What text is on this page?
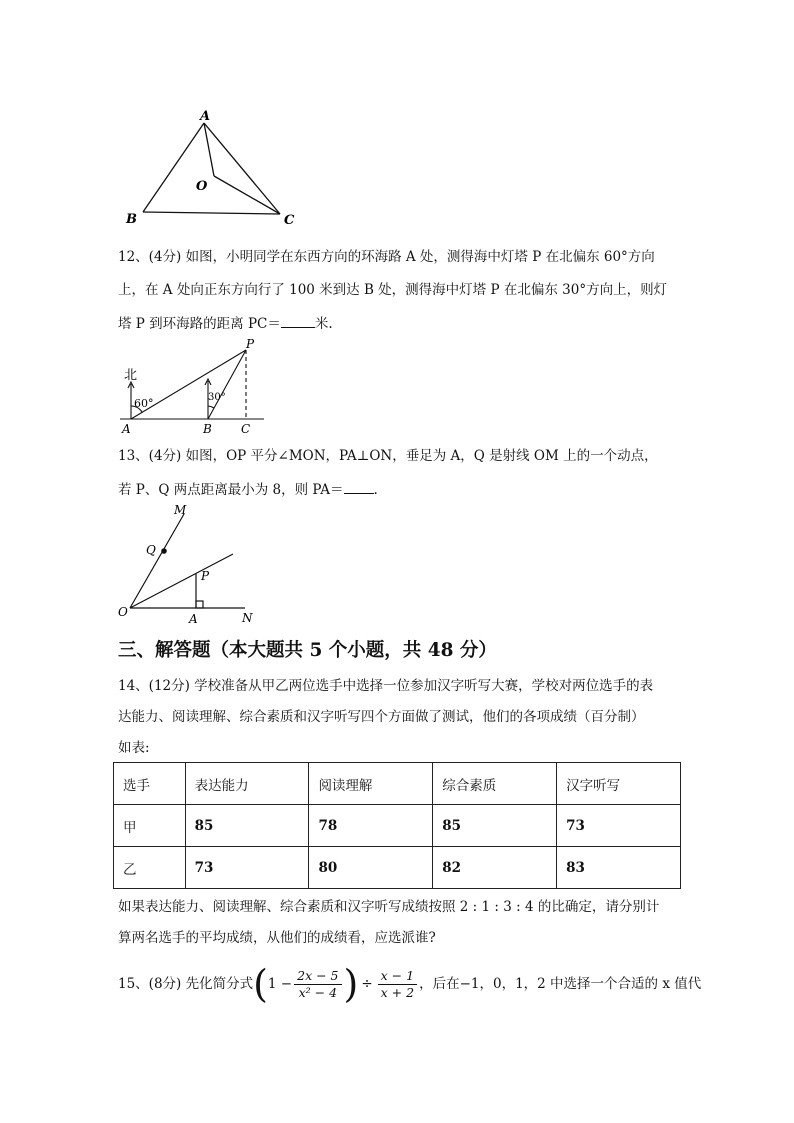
A
O
B	C

12、(4分) 如图，小明同学在东西方向的环海路 A 处，测得海中灯塔 P 在北偏东 60°方向

上，在 A 处向正东方向行了 100 米到达 B 处，测得海中灯塔 P 在北偏东 30°方向上，则灯

塔 P 到环海路的距离 PC＝	米.

北
60°	30°
A	B C
P

13、(4分) 如图，OP 平分∠MON，PA⊥ON，垂足为 A，Q 是射线 OM 上的一个动点，

若 P、Q 两点距离最小为 8，则 PA＝ .

M
Q
P
O	A	N
三、解答题（本大题共 5 个小题，共 48 分）

14、(12分) 学校准备从甲乙两位选手中选择一位参加汉字听写大赛，学校对两位选手的表

达能力、阅读理解、综合素质和汉字听写四个方面做了测试，他们的各项成绩（百分制）

如表:

选手	表达能力	阅读理解	综合素质	汉字听写
甲	85	78	85	73
乙	73	80	82	83

如果表达能力、阅读理解、综合素质和汉字听写成绩按照 2 : 1 : 3 : 4 的比确定，请分别计

算两名选手的平均成绩，从他们的成绩看，应选派谁?

15、(8分) 先化简分式 ( $1 - \frac{2x - 5}{\text{x² − 4}}$ ) ÷ $\frac{x - 1}{x + 2}$ ，后在−1，0，1，2 中选择一个合适的 x 值代
